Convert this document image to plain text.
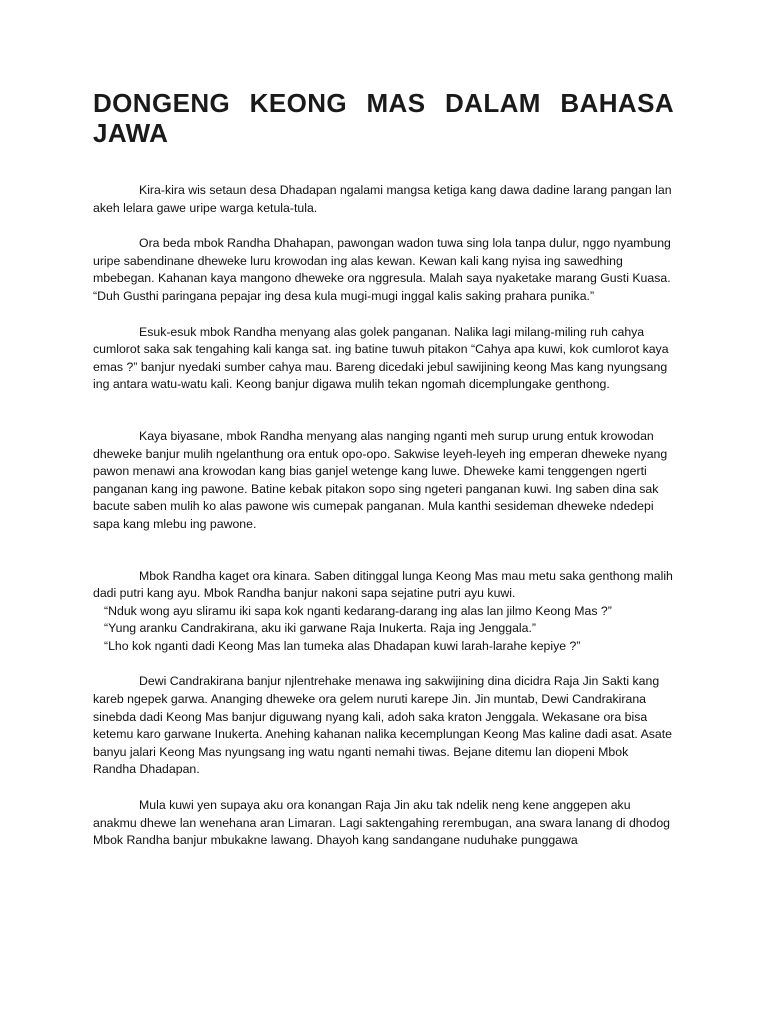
DONGENG KEONG MAS DALAM BAHASA JAWA

Kira-kira wis setaun desa Dhadapan ngalami mangsa ketiga kang dawa dadine larang pangan lan akeh lelara gawe uripe warga ketula-tula.

Ora beda mbok Randha Dhahapan, pawongan wadon tuwa sing lola tanpa dulur, nggo nyambung uripe sabendinane dheweke luru krowodan ing alas kewan. Kewan kali kang nyisa ing sawedhing mbebegan. Kahanan kaya mangono dheweke ora nggresula. Malah saya nyaketake marang Gusti Kuasa. “Duh Gusthi paringana pepajar ing desa kula mugi-mugi inggal kalis saking prahara punika.”

Esuk-esuk mbok Randha menyang alas golek panganan. Nalika lagi milang-miling ruh cahya cumlorot saka sak tengahing kali kanga sat. ing batine tuwuh pitakon “Cahya apa kuwi, kok cumlorot kaya emas ?” banjur nyedaki sumber cahya mau. Bareng dicedaki jebul sawijining keong Mas kang nyungsang ing antara watu-watu kali. Keong banjur digawa mulih tekan ngomah dicemplungake genthong.

Kaya biyasane, mbok Randha menyang alas nanging nganti meh surup urung entuk krowodan dheweke banjur mulih ngelanthung ora entuk opo-opo. Sakwise leyeh-leyeh ing emperan dheweke nyang pawon menawi ana krowodan kang bias ganjel wetenge kang luwe. Dheweke kami tenggengen ngerti panganan kang ing pawone. Batine kebak pitakon sopo sing ngeteri panganan kuwi. Ing saben dina sak bacute saben mulih ko alas pawone wis cumepak panganan. Mula kanthi sesideman dheweke ndedepi sapa kang mlebu ing pawone.

Mbok Randha kaget ora kinara. Saben ditinggal lunga Keong Mas mau metu saka genthong malih dadi putri kang ayu. Mbok Randha banjur nakoni sapa sejatine putri ayu kuwi.

“Nduk wong ayu sliramu iki sapa kok nganti kedarang-darang ing alas lan jilmo Keong Mas ?”

“Yung aranku Candrakirana, aku iki garwane Raja Inukerta. Raja ing Jenggala.”

“Lho kok nganti dadi Keong Mas lan tumeka alas Dhadapan kuwi larah-larahe kepiye ?”

Dewi Candrakirana banjur njlentrehake menawa ing sakwijining dina dicidra Raja Jin Sakti kang kareb ngepek garwa. Ananging dheweke ora gelem nuruti karepe Jin. Jin muntab, Dewi Candrakirana sinebda dadi Keong Mas banjur diguwang nyang kali, adoh saka kraton Jenggala. Wekasane ora bisa ketemu karo garwane Inukerta. Anehing kahanan nalika kecemplungan Keong Mas kaline dadi asat. Asate banyu jalari Keong Mas nyungsang ing watu nganti nemahi tiwas. Bejane ditemu lan diopeni Mbok Randha Dhadapan.

Mula kuwi yen supaya aku ora konangan Raja Jin aku tak ndelik neng kene anggepen aku anakmu dhewe lan wenehana aran Limaran. Lagi saktengahing rerembugan, ana swara lanang di dhodog Mbok Randha banjur mbukakne lawang. Dhayoh kang sandangane nuduhake punggawa
